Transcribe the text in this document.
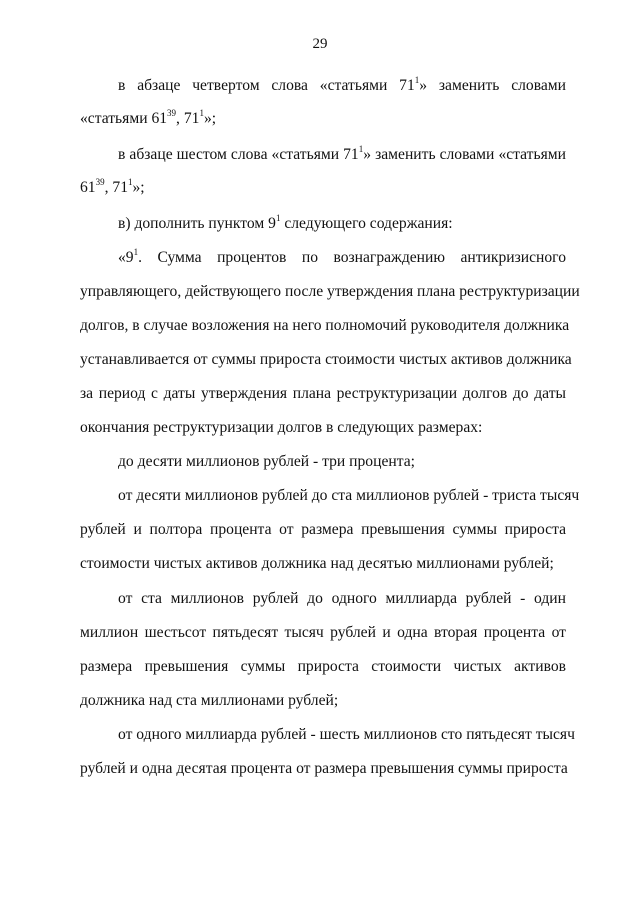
29
в абзаце четвертом слова «статьями $71^1$» заменить словами
«статьями $61^{39}$, $71^1$»;
в абзаце шестом слова «статьями $71^1$» заменить словами «статьями
$61^{39}$, $71^1$»;
в) дополнить пунктом $9^1$ следующего содержания:
«$9^1$. Сумма процентов по вознаграждению антикризисного
управляющего, действующего после утверждения плана реструктуризации
долгов, в случае возложения на него полномочий руководителя должника
устанавливается от суммы прироста стоимости чистых активов должника
за период с даты утверждения плана реструктуризации долгов до даты
окончания реструктуризации долгов в следующих размерах:
до десяти миллионов рублей - три процента;
от десяти миллионов рублей до ста миллионов рублей - триста тысяч
рублей и полтора процента от размера превышения суммы прироста
стоимости чистых активов должника над десятью миллионами рублей;
от ста миллионов рублей до одного миллиарда рублей - один
миллион шестьсот пятьдесят тысяч рублей и одна вторая процента от
размера превышения суммы прироста стоимости чистых активов
должника над ста миллионами рублей;
от одного миллиарда рублей - шесть миллионов сто пятьдесят тысяч
рублей и одна десятая процента от размера превышения суммы прироста
